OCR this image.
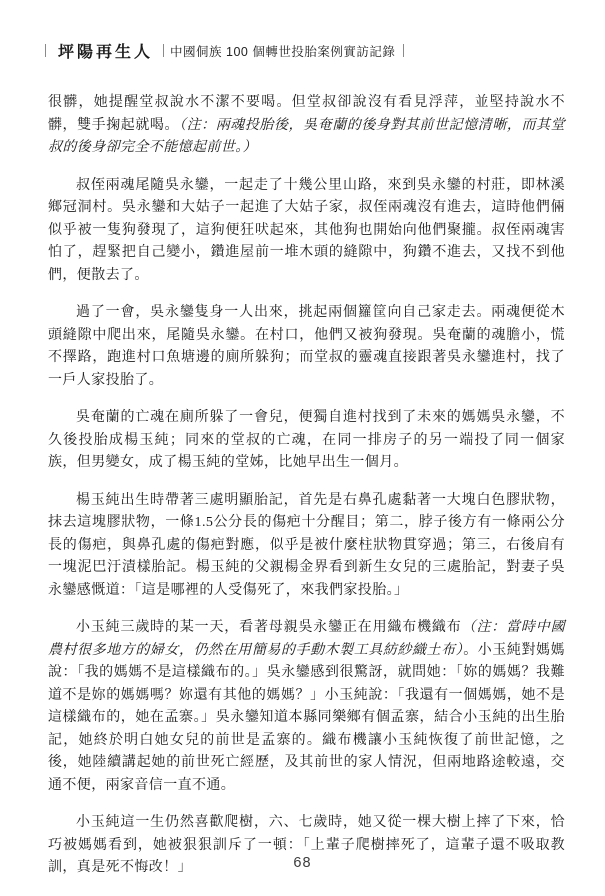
坪陽再生人 中國侗族 100 個轉世投胎案例實訪記錄

很髒，她提醒堂叔說水不潔不要喝。但堂叔卻說沒有看見浮萍，並堅持說水不髒，雙手掬起就喝。（注：兩魂投胎後，吳奄蘭的後身對其前世記憶清晰，而其堂叔的後身卻完全不能憶起前世。）

叔侄兩魂尾隨吳永鑾，一起走了十幾公里山路，來到吳永鑾的村莊，即林溪鄉冠洞村。吳永鑾和大姑子一起進了大姑子家，叔侄兩魂沒有進去，這時他們倆似乎被一隻狗發現了，這狗便狂吠起來，其他狗也開始向他們聚攏。叔侄兩魂害怕了，趕緊把自己變小，鑽進屋前一堆木頭的縫隙中，狗鑽不進去，又找不到他們，便散去了。

過了一會，吳永鑾隻身一人出來，挑起兩個籮筐向自己家走去。兩魂便從木頭縫隙中爬出來，尾隨吳永鑾。在村口，他們又被狗發現。吳奄蘭的魂膽小，慌不擇路，跑進村口魚塘邊的廁所躲狗；而堂叔的靈魂直接跟著吳永鑾進村，找了一戶人家投胎了。

吳奄蘭的亡魂在廁所躲了一會兒，便獨自進村找到了未來的媽媽吳永鑾，不久後投胎成楊玉純；同來的堂叔的亡魂，在同一排房子的另一端投了同一個家族，但男變女，成了楊玉純的堂姊，比她早出生一個月。

楊玉純出生時帶著三處明顯胎記，首先是右鼻孔處黏著一大塊白色膠狀物，抹去這塊膠狀物，一條1.5公分長的傷疤十分醒目；第二，脖子後方有一條兩公分長的傷疤，與鼻孔處的傷疤對應，似乎是被什麼柱狀物貫穿過；第三，右後肩有一塊泥巴汙漬樣胎記。楊玉純的父親楊金界看到新生女兒的三處胎記，對妻子吳永鑾感慨道：「這是哪裡的人受傷死了，來我們家投胎。」

小玉純三歲時的某一天，看著母親吳永鑾正在用織布機織布（注：當時中國農村很多地方的婦女，仍然在用簡易的手動木製工具紡紗織土布）。小玉純對媽媽說：「我的媽媽不是這樣織布的。」吳永鑾感到很驚訝，就問她：「妳的媽媽？我難道不是妳的媽媽嗎？妳還有其他的媽媽？」小玉純說：「我還有一個媽媽，她不是這樣織布的，她在孟寨。」吳永鑾知道本縣同樂鄉有個孟寨，結合小玉純的出生胎記，她終於明白她女兒的前世是孟寨的。織布機讓小玉純恢復了前世記憶，之後，她陸續講起她的前世死亡經歷，及其前世的家人情況，但兩地路途較遠，交通不便，兩家音信一直不通。

小玉純這一生仍然喜歡爬樹，六、七歲時，她又從一棵大樹上摔了下來，恰巧被媽媽看到，她被狠狠訓斥了一頓：「上輩子爬樹摔死了，這輩子還不吸取教訓，真是死不悔改！」	68
